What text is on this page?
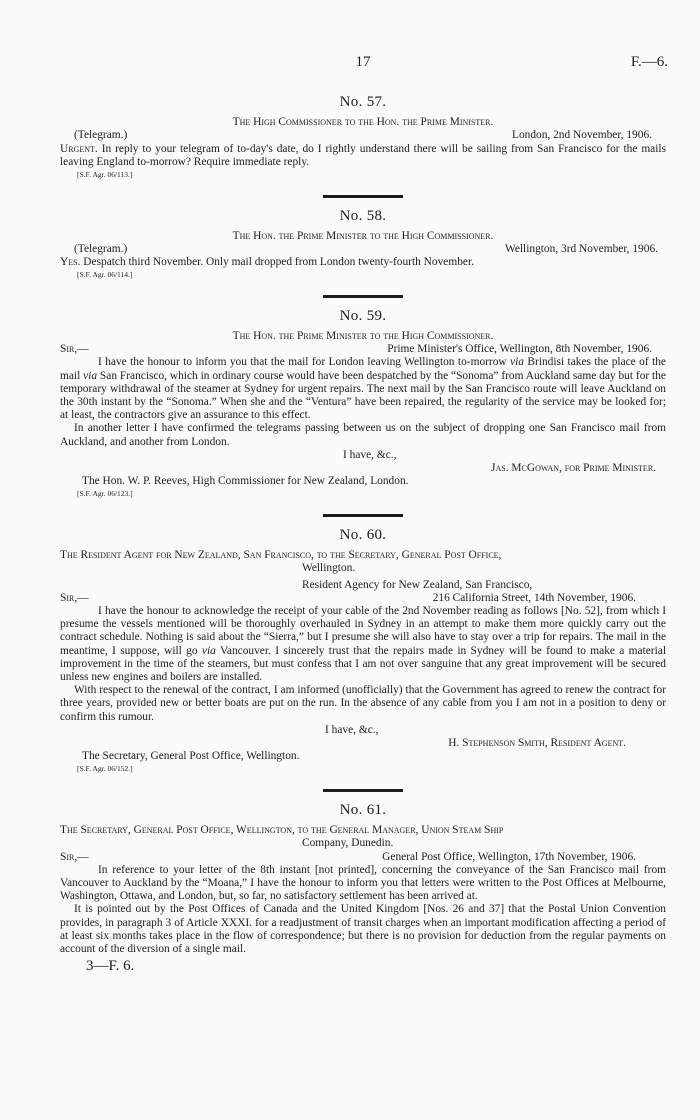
17	F.—6.
No. 57.
The High Commissioner to the Hon. the Prime Minister.
(Telegram.)	London, 2nd November, 1906.

Urgent. In reply to your telegram of to-day's date, do I rightly understand there will be sailing from San Francisco for the mails leaving England to-morrow? Require immediate reply.

[S.F. Agr. 06/113.]
No. 58.
The Hon. the Prime Minister to the High Commissioner.
(Telegram.)	Wellington, 3rd November, 1906.

Yes. Despatch third November. Only mail dropped from London twenty-fourth November.

[S.F. Agr. 06/114.]
No. 59.
The Hon. the Prime Minister to the High Commissioner.
Sir,—	Prime Minister's Office, Wellington, 8th November, 1906.

I have the honour to inform you that the mail for London leaving Wellington to-morrow via Brindisi takes the place of the mail via San Francisco, which in ordinary course would have been despatched by the “Sonoma” from Auckland same day but for the temporary withdrawal of the steamer at Sydney for urgent repairs. The next mail by the San Francisco route will leave Auckland on the 30th instant by the “Sonoma.” When she and the “Ventura” have been repaired, the regularity of the service may be looked for; at least, the contractors give an assurance to this effect.

In another letter I have confirmed the telegrams passing between us on the subject of dropping one San Francisco mail from Auckland, and another from London.

I have, &c.,
Jas. McGowan, for Prime Minister.
The Hon. W. P. Reeves, High Commissioner for New Zealand, London.
[S.F. Agr. 06/123.]
No. 60.
The Resident Agent for New Zealand, San Francisco, to the Secretary, General Post Office,
Wellington.
Resident Agency for New Zealand, San Francisco,
Sir,—	216 California Street, 14th November, 1906.

I have the honour to acknowledge the receipt of your cable of the 2nd November reading as follows [No. 52], from which I presume the vessels mentioned will be thoroughly overhauled in Sydney in an attempt to make them more quickly carry out the contract schedule. Nothing is said about the “Sierra,” but I presume she will also have to stay over a trip for repairs. The mail in the meantime, I suppose, will go via Vancouver. I sincerely trust that the repairs made in Sydney will be found to make a material improvement in the time of the steamers, but must confess that I am not over sanguine that any great improvement will be secured unless new engines and boilers are installed.

With respect to the renewal of the contract, I am informed (unofficially) that the Government has agreed to renew the contract for three years, provided new or better boats are put on the run. In the absence of any cable from you I am not in a position to deny or confirm this rumour.

I have, &c.,
H. Stephenson Smith, Resident Agent.
The Secretary, General Post Office, Wellington.
[S.F. Agr. 06/152.]
No. 61.
The Secretary, General Post Office, Wellington, to the General Manager, Union Steam Ship
Company, Dunedin.
Sir,—	General Post Office, Wellington, 17th November, 1906.

In reference to your letter of the 8th instant [not printed], concerning the conveyance of the San Francisco mail from Vancouver to Auckland by the “Moana,” I have the honour to inform you that letters were written to the Post Offices at Melbourne, Washington, Ottawa, and London, but, so far, no satisfactory settlement has been arrived at.

It is pointed out by the Post Offices of Canada and the United Kingdom [Nos. 26 and 37] that the Postal Union Convention provides, in paragraph 3 of Article XXXI. for a readjustment of transit charges when an important modification affecting a period of at least six months takes place in the flow of correspondence; but there is no provision for deduction from the regular payments on account of the diversion of a single mail.

3—F. 6.
